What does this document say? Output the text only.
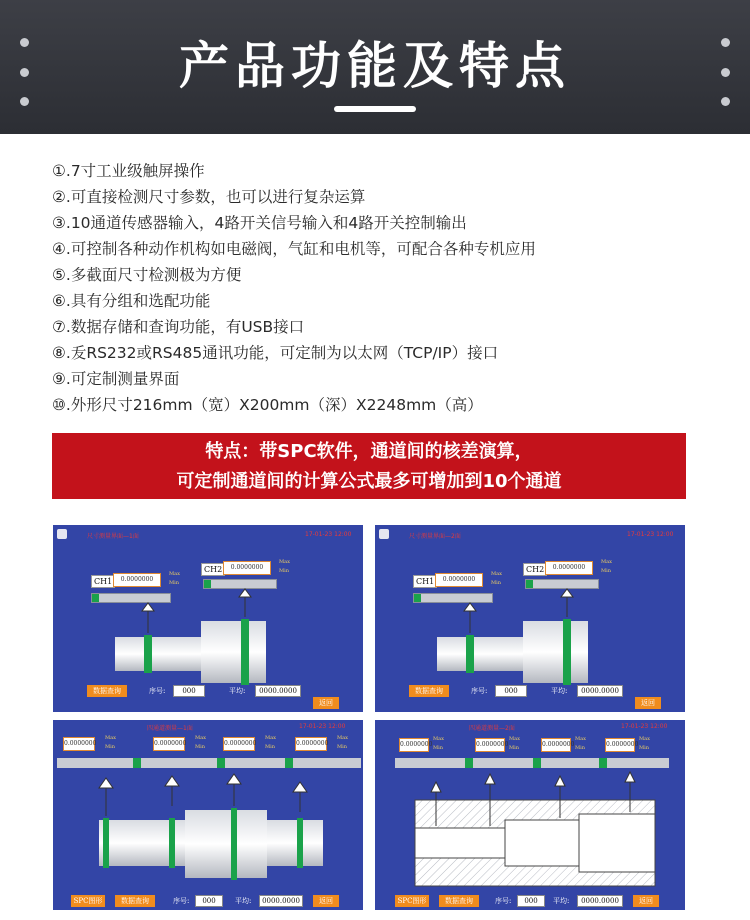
产品功能及特点
①.7寸工业级触屏操作
②.可直接检测尺寸参数，也可以进行复杂运算
③.10通道传感器输入，4路开关信号输入和4路开关控制输出
④.可控制各种动作机构如电磁阀，气缸和电机等，可配合各种专机应用
⑤.多截面尺寸检测极为方便
⑥.具有分组和选配功能
⑦.数据存储和查询功能，有USB接口
⑧.叐RS232或RS485通讯功能，可定制为以太网（TCP/IP）接口
⑨.可定制测量界面
⑩.外形尺寸216mm（宽）X200mm（深）X2248mm（高）
特点：带SPC软件，通道间的核差演算，
可定制通道间的计算公式最多可增加到10个通道
尺寸测量界面—1面	17-01-23 12:00
CH1	0.0000000
Max
Min
CH2	0.0000000
Max
Min
数据查询	序号:	000	平均:	0000.0000
返回
尺寸测量界面—2面	17-01-23 12:00
CH1	0.0000000
Max
Min
CH2	0.0000000
Max
Min
数据查询	序号:	000	平均:	0000.0000
返回
四通道测量—1面	17-01-23 12:00
0.0000000
Max
Min	0.0000000
Max
Min	0.0000000
Max
Min	0.0000000
Max
Min
SPC图形	数据查询	序号:	000	平均:	0000.0000	返回
四通道测量—2面	17-01-23 12:00
0.0000000
Max
Min	0.0000000
Max
Min	0.0000000
Max
Min	0.0000000
Max
Min
SPC图形	数据查询	序号:	000	平均:	0000.0000	返回
